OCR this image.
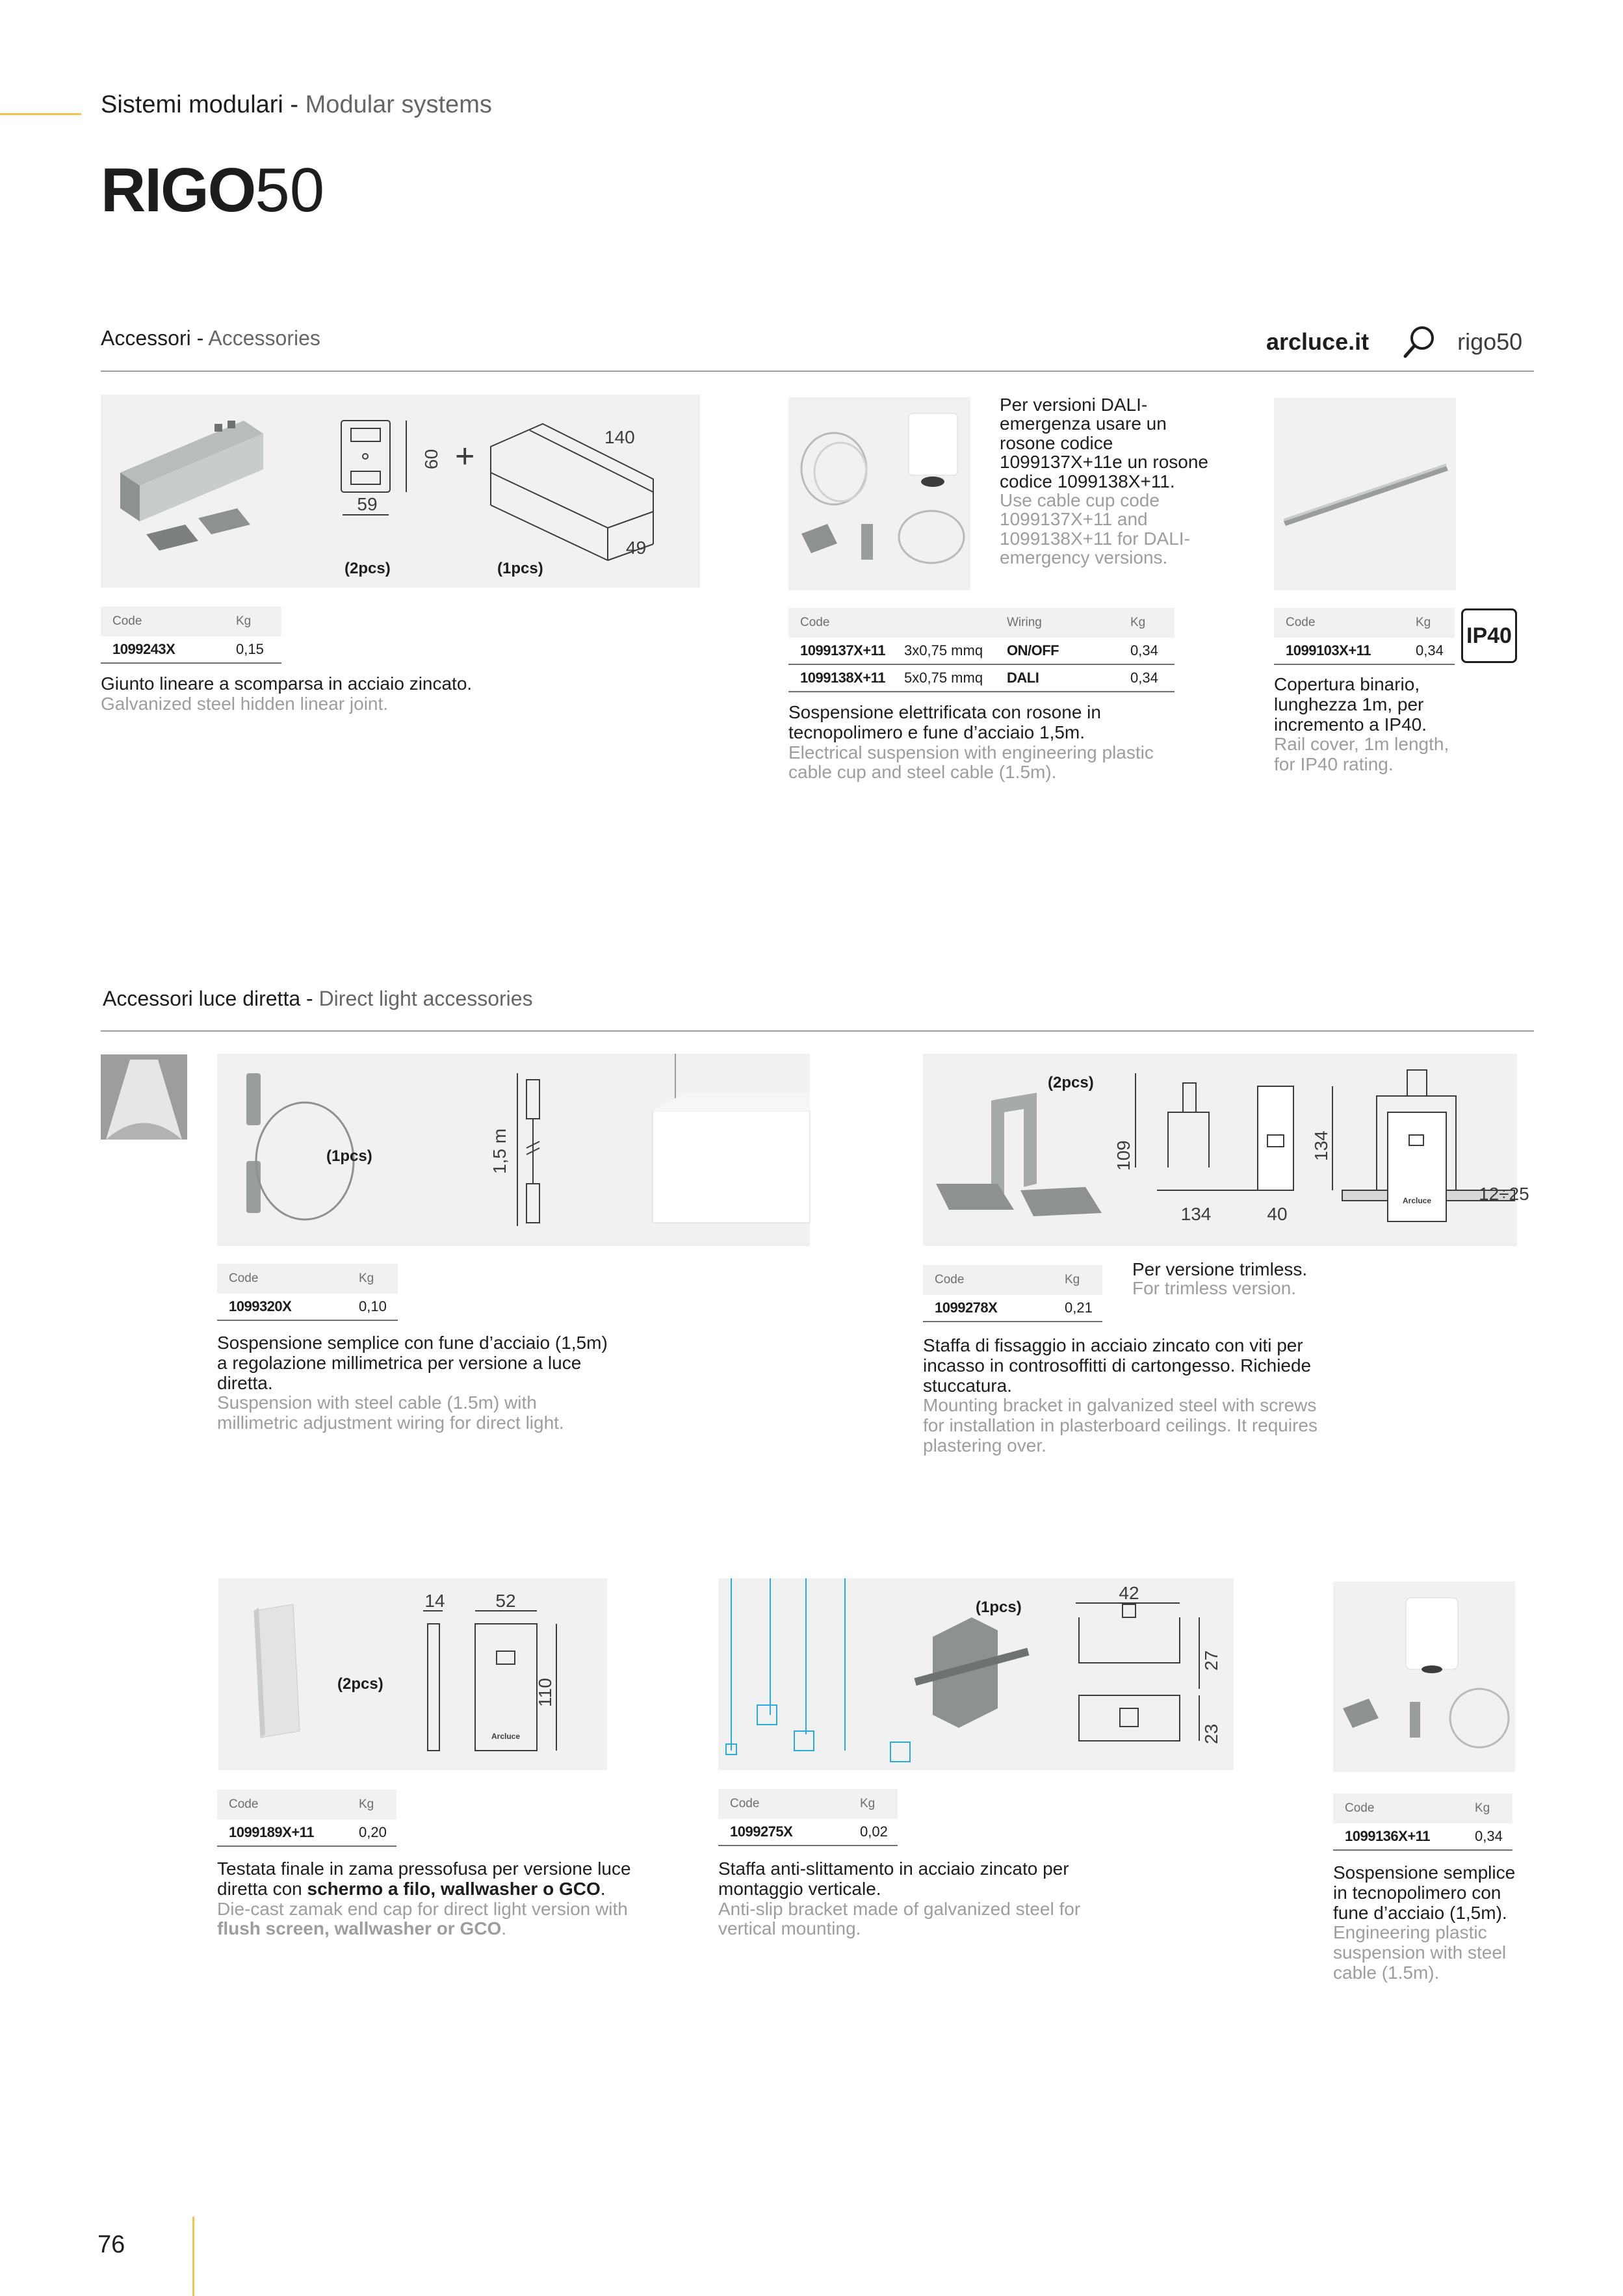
Sistemi modulari - Modular systems
RIGO50
Accessori - Accessories	arcluce.it	rigo50
60
59
+
140
49
(2pcs)	(1pcs)
Code	Kg
1099243X	0,15
Giunto lineare a scomparsa in acciaio zincato.
Galvanized steel hidden linear joint.
Per versioni DALI-emergenza usare un rosone codice 1099137X+11e un rosone codice 1099138X+11.
Use cable cup code 1099137X+11 and 1099138X+11 for DALI-emergency versions.
Code	Wiring	Kg
1099137X+11	3x0,75 mmq	ON/OFF	0,34
1099138X+11	5x0,75 mmq	DALI	0,34
Sospensione elettrificata con rosone in tecnopolimero e fune d’acciaio 1,5m.
Electrical suspension with engineering plastic cable cup and steel cable (1.5m).
Code	Kg
1099103X+11	0,34
IP40
Copertura binario, lunghezza 1m, per incremento a IP40.
Rail cover, 1m length, for IP40 rating.
Accessori luce diretta - Direct light accessories
(1pcs)	1,5 m
Code	Kg
1099320X	0,10
Sospensione semplice con fune d’acciaio (1,5m) a regolazione millimetrica per versione a luce diretta.
Suspension with steel cable (1.5m) with millimetric adjustment wiring for direct light.
(2pcs)
109
134	40
134
Arcluce	12÷25
Code	Kg
1099278X	0,21
Per versione trimless.
For trimless version.
Staffa di fissaggio in acciaio zincato con viti per incasso in controsoffitti di cartongesso. Richiede stuccatura.
Mounting bracket in galvanized steel with screws for installation in plasterboard ceilings. It requires plastering over.
(2pcs)
14	52
110
Arcluce
Code	Kg
1099189X+11	0,20
Testata finale in zama pressofusa per versione luce diretta con schermo a filo, wallwasher o GCO.
Die-cast zamak end cap for direct light version with flush screen, wallwasher or GCO.
(1pcs)
42
27
23
Code	Kg
1099275X	0,02
Staffa anti-slittamento in acciaio zincato per montaggio verticale.
Anti-slip bracket made of galvanized steel for vertical mounting.
Code	Kg
1099136X+11	0,34
Sospensione semplice in tecnopolimero con fune d’acciaio (1,5m).
Engineering plastic suspension with steel cable (1.5m).
76
